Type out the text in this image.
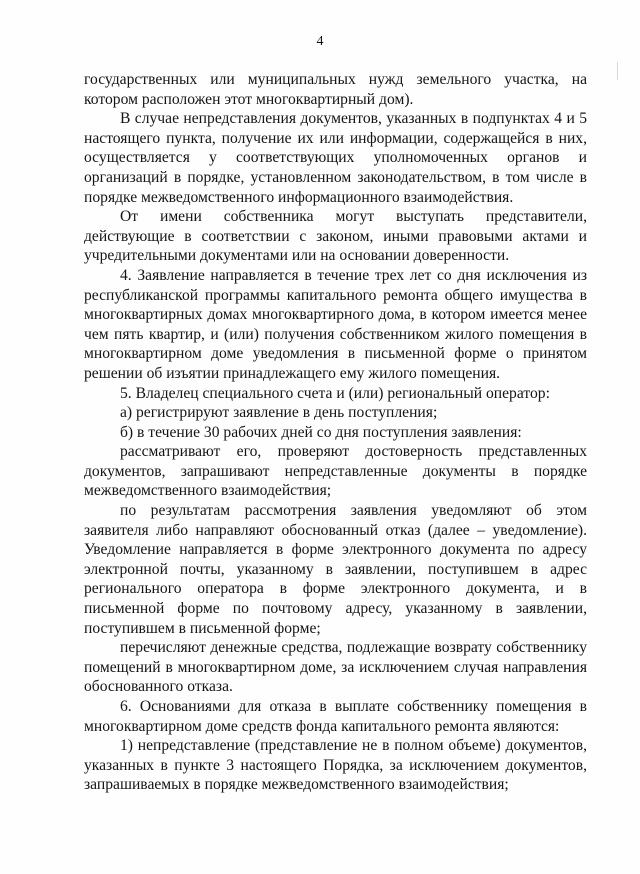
4

государственных или муниципальных нужд земельного участка, на котором расположен этот многоквартирный дом).

В случае непредставления документов, указанных в подпунктах 4 и 5 настоящего пункта, получение их или информации, содержащейся в них, осуществляется у соответствующих уполномоченных органов и организаций в порядке, установленном законодательством, в том числе в порядке межведомственного информационного взаимодействия.

От имени собственника могут выступать представители, действующие в соответствии с законом, иными правовыми актами и учредительными документами или на основании доверенности.

4. Заявление направляется в течение трех лет со дня исключения из республиканской программы капитального ремонта общего имущества в многоквартирных домах многоквартирного дома, в котором имеется менее чем пять квартир, и (или) получения собственником жилого помещения в многоквартирном доме уведомления в письменной форме о принятом решении об изъятии принадлежащего ему жилого помещения.

5. Владелец специального счета и (или) региональный оператор:

а) регистрируют заявление в день поступления;

б) в течение 30 рабочих дней со дня поступления заявления:

рассматривают его, проверяют достоверность представленных документов, запрашивают непредставленные документы в порядке межведомственного взаимодействия;

по результатам рассмотрения заявления уведомляют об этом заявителя либо направляют обоснованный отказ (далее – уведомление). Уведомление направляется в форме электронного документа по адресу электронной почты, указанному в заявлении, поступившем в адрес регионального оператора в форме электронного документа, и в письменной форме по почтовому адресу, указанному в заявлении, поступившем в письменной форме;

перечисляют денежные средства, подлежащие возврату собственнику помещений в многоквартирном доме, за исключением случая направления обоснованного отказа.

6. Основаниями для отказа в выплате собственнику помещения в многоквартирном доме средств фонда капитального ремонта являются:

1) непредставление (представление не в полном объеме) документов, указанных в пункте 3 настоящего Порядка, за исключением документов, запрашиваемых в порядке межведомственного взаимодействия;
